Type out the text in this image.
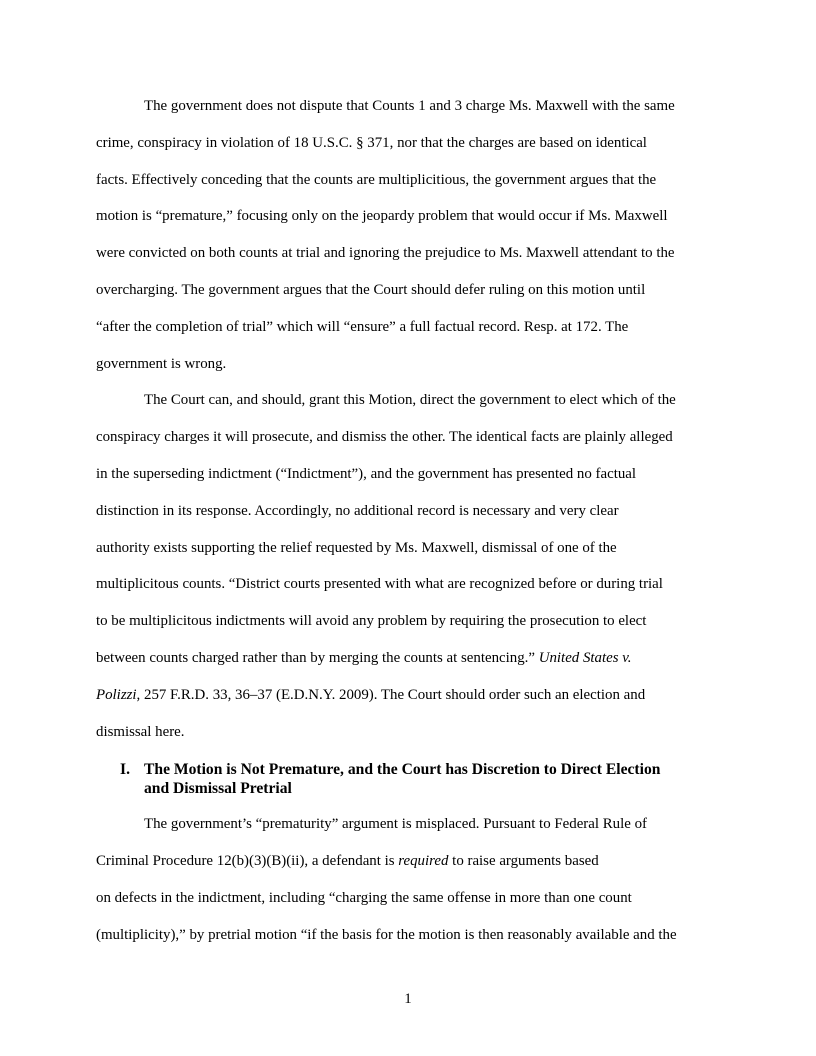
The government does not dispute that Counts 1 and 3 charge Ms. Maxwell with the same
crime, conspiracy in violation of 18 U.S.C. § 371, nor that the charges are based on identical
facts. Effectively conceding that the counts are multiplicitious, the government argues that the
motion is “premature,” focusing only on the jeopardy problem that would occur if Ms. Maxwell
were convicted on both counts at trial and ignoring the prejudice to Ms. Maxwell attendant to the
overcharging. The government argues that the Court should defer ruling on this motion until
“after the completion of trial” which will “ensure” a full factual record. Resp. at 172. The
government is wrong.
The Court can, and should, grant this Motion, direct the government to elect which of the
conspiracy charges it will prosecute, and dismiss the other. The identical facts are plainly alleged
in the superseding indictment (“Indictment”), and the government has presented no factual
distinction in its response. Accordingly, no additional record is necessary and very clear
authority exists supporting the relief requested by Ms. Maxwell, dismissal of one of the
multiplicitous counts. “District courts presented with what are recognized before or during trial
to be multiplicitous indictments will avoid any problem by requiring the prosecution to elect
between counts charged rather than by merging the counts at sentencing.” United States v.
Polizzi, 257 F.R.D. 33, 36–37 (E.D.N.Y. 2009). The Court should order such an election and
dismissal here.
I. The Motion is Not Premature, and the Court has Discretion to Direct Election
and Dismissal Pretrial
The government’s “prematurity” argument is misplaced. Pursuant to Federal Rule of
Criminal Procedure 12(b)(3)(B)(ii), a defendant is required to raise arguments based
on defects in the indictment, including “charging the same offense in more than one count
(multiplicity),” by pretrial motion “if the basis for the motion is then reasonably available and the
1
